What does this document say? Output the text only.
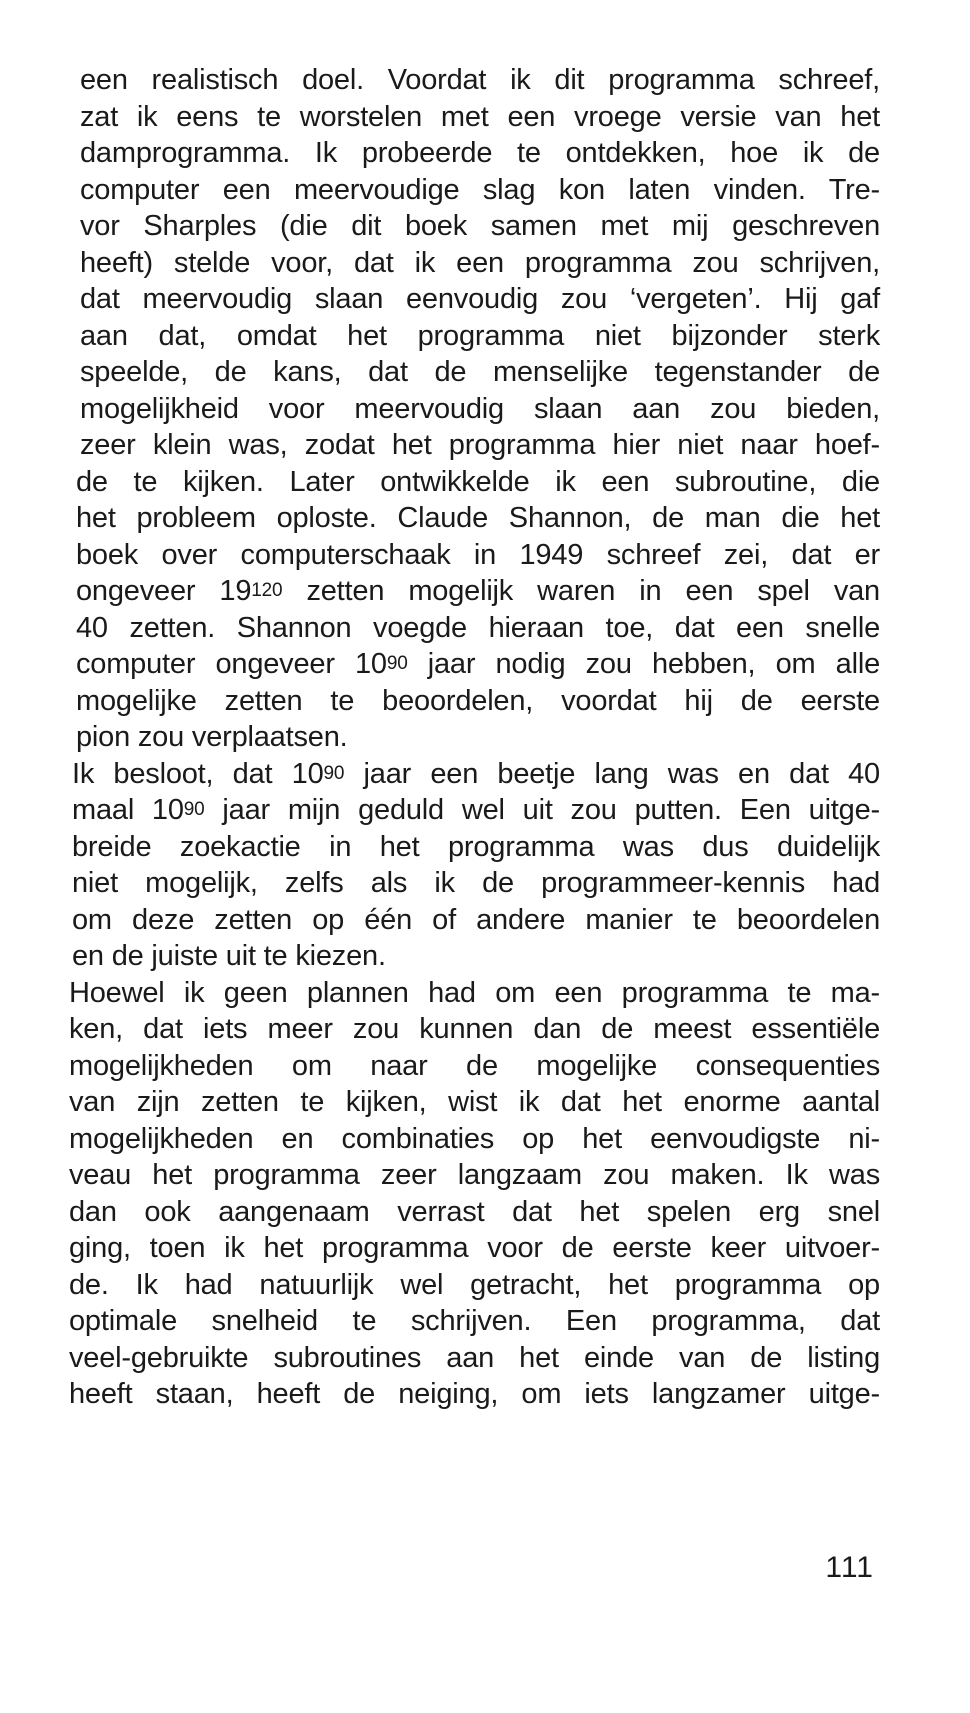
een realistisch doel. Voordat ik dit programma schreef,
zat ik eens te worstelen met een vroege versie van het
damprogramma. Ik probeerde te ontdekken, hoe ik de
computer een meervoudige slag kon laten vinden. Tre-
vor Sharples (die dit boek samen met mij geschreven
heeft) stelde voor, dat ik een programma zou schrijven,
dat meervoudig slaan eenvoudig zou ‘vergeten’. Hij gaf
aan dat, omdat het programma niet bijzonder sterk
speelde, de kans, dat de menselijke tegenstander de
mogelijkheid voor meervoudig slaan aan zou bieden,
zeer klein was, zodat het programma hier niet naar hoef-
de te kijken. Later ontwikkelde ik een subroutine, die
het probleem oploste. Claude Shannon, de man die het
boek over computerschaak in 1949 schreef zei, dat er
ongeveer $19^{120}$ zetten mogelijk waren in een spel van
40 zetten. Shannon voegde hieraan toe, dat een snelle
computer ongeveer $10^{90}$ jaar nodig zou hebben, om alle
mogelijke zetten te beoordelen, voordat hij de eerste
pion zou verplaatsen.
Ik besloot, dat $10^{90}$ jaar een beetje lang was en dat 40
maal $10^{90}$ jaar mijn geduld wel uit zou putten. Een uitge-
breide zoekactie in het programma was dus duidelijk
niet mogelijk, zelfs als ik de programmeer-kennis had
om deze zetten op één of andere manier te beoordelen
en de juiste uit te kiezen.
Hoewel ik geen plannen had om een programma te ma-
ken, dat iets meer zou kunnen dan de meest essentiële
mogelijkheden om naar de mogelijke consequenties
van zijn zetten te kijken, wist ik dat het enorme aantal
mogelijkheden en combinaties op het eenvoudigste ni-
veau het programma zeer langzaam zou maken. Ik was
dan ook aangenaam verrast dat het spelen erg snel
ging, toen ik het programma voor de eerste keer uitvoer-
de. Ik had natuurlijk wel getracht, het programma op
optimale snelheid te schrijven. Een programma, dat
veel-gebruikte subroutines aan het einde van de listing
heeft staan, heeft de neiging, om iets langzamer uitge-
111
